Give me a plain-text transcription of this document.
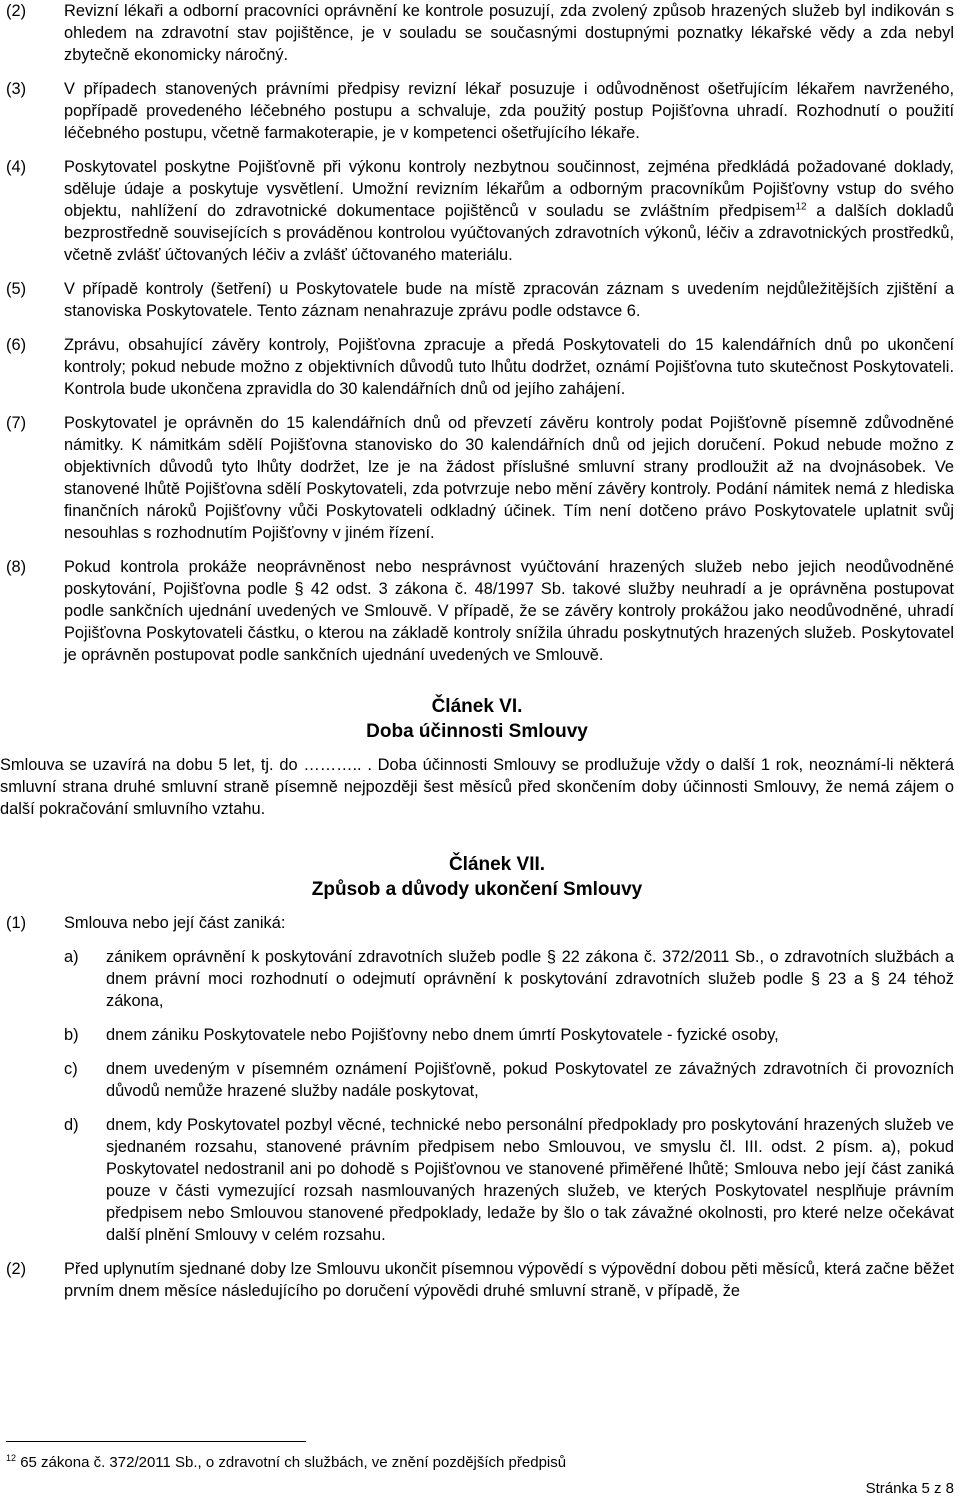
(2) Revizní lékaři a odborní pracovníci oprávnění ke kontrole posuzují, zda zvolený způsob hrazených služeb byl indikován s ohledem na zdravotní stav pojištěnce, je v souladu se současnými dostupnými poznatky lékařské vědy a zda nebyl zbytečně ekonomicky náročný.

(3) V případech stanovených právními předpisy revizní lékař posuzuje i odůvodněnost ošetřujícím lékařem navrženého, popřípadě provedeného léčebného postupu a schvaluje, zda použitý postup Pojišťovna uhradí. Rozhodnutí o použití léčebného postupu, včetně farmakoterapie, je v kompetenci ošetřujícího lékaře.

(4) Poskytovatel poskytne Pojišťovně při výkonu kontroly nezbytnou součinnost, zejména předkládá požadované doklady, sděluje údaje a poskytuje vysvětlení. Umožní revizním lékařům a odborným pracovníkům Pojišťovny vstup do svého objektu, nahlížení do zdravotnické dokumentace pojištěnců v souladu se zvláštním předpisem$^{12}$ a dalších dokladů bezprostředně souvisejících s prováděnou kontrolou vyúčtovaných zdravotních výkonů, léčiv a zdravotnických prostředků, včetně zvlášť účtovaných léčiv a zvlášť účtovaného materiálu.

(5) V případě kontroly (šetření) u Poskytovatele bude na místě zpracován záznam s uvedením nejdůležitějších zjištění a stanoviska Poskytovatele. Tento záznam nenahrazuje zprávu podle odstavce 6.

(6) Zprávu, obsahující závěry kontroly, Pojišťovna zpracuje a předá Poskytovateli do 15 kalendářních dnů po ukončení kontroly; pokud nebude možno z objektivních důvodů tuto lhůtu dodržet, oznámí Pojišťovna tuto skutečnost Poskytovateli. Kontrola bude ukončena zpravidla do 30 kalendářních dnů od jejího zahájení.

(7) Poskytovatel je oprávněn do 15 kalendářních dnů od převzetí závěru kontroly podat Pojišťovně písemně zdůvodněné námitky. K námitkám sdělí Pojišťovna stanovisko do 30 kalendářních dnů od jejich doručení. Pokud nebude možno z objektivních důvodů tyto lhůty dodržet, lze je na žádost příslušné smluvní strany prodloužit až na dvojnásobek. Ve stanovené lhůtě Pojišťovna sdělí Poskytovateli, zda potvrzuje nebo mění závěry kontroly. Podání námitek nemá z hlediska finančních nároků Pojišťovny vůči Poskytovateli odkladný účinek. Tím není dotčeno právo Poskytovatele uplatnit svůj nesouhlas s rozhodnutím Pojišťovny v jiném řízení.

(8) Pokud kontrola prokáže neoprávněnost nebo nesprávnost vyúčtování hrazených služeb nebo jejich neodůvodněné poskytování, Pojišťovna podle § 42 odst. 3 zákona č. 48/1997 Sb. takové služby neuhradí a je oprávněna postupovat podle sankčních ujednání uvedených ve Smlouvě. V případě, že se závěry kontroly prokážou jako neodůvodněné, uhradí Pojišťovna Poskytovateli částku, o kterou na základě kontroly snížila úhradu poskytnutých hrazených služeb. Poskytovatel je oprávněn postupovat podle sankčních ujednání uvedených ve Smlouvě.

Článek VI.

Doba účinnosti Smlouvy

Smlouva se uzavírá na dobu 5 let, tj. do ……….. . Doba účinnosti Smlouvy se prodlužuje vždy o další 1 rok, neoznámí-li některá smluvní strana druhé smluvní straně písemně nejpozději šest měsíců před skončením doby účinnosti Smlouvy, že nemá zájem o další pokračování smluvního vztahu.

Článek VII.

Způsob a důvody ukončení Smlouvy

(1) Smlouva nebo její část zaniká:

a) zánikem oprávnění k poskytování zdravotních služeb podle § 22 zákona č. 372/2011 Sb., o zdravotních službách a dnem právní moci rozhodnutí o odejmutí oprávnění k poskytování zdravotních služeb podle § 23 a § 24 téhož zákona,

b) dnem zániku Poskytovatele nebo Pojišťovny nebo dnem úmrtí Poskytovatele - fyzické osoby,

c) dnem uvedeným v písemném oznámení Pojišťovně, pokud Poskytovatel ze závažných zdravotních či provozních důvodů nemůže hrazené služby nadále poskytovat,

d) dnem, kdy Poskytovatel pozbyl věcné, technické nebo personální předpoklady pro poskytování hrazených služeb ve sjednaném rozsahu, stanovené právním předpisem nebo Smlouvou, ve smyslu čl. III. odst. 2 písm. a), pokud Poskytovatel nedostranil ani po dohodě s Pojišťovnou ve stanovené přiměřené lhůtě; Smlouva nebo její část zaniká pouze v části vymezující rozsah nasmlouvaných hrazených služeb, ve kterých Poskytovatel nesplňuje právním předpisem nebo Smlouvou stanovené předpoklady, ledaže by šlo o tak závažné okolnosti, pro které nelze očekávat další plnění Smlouvy v celém rozsahu.

(2) Před uplynutím sjednané doby lze Smlouvu ukončit písemnou výpovědí s výpovědní dobou pěti měsíců, která začne běžet prvním dnem měsíce následujícího po doručení výpovědi druhé smluvní straně, v případě, že

$^{12}$ 65 zákona č. 372/2011 Sb., o zdravotní ch službách, ve znění pozdějších předpisů
Stránka 5 z 8
